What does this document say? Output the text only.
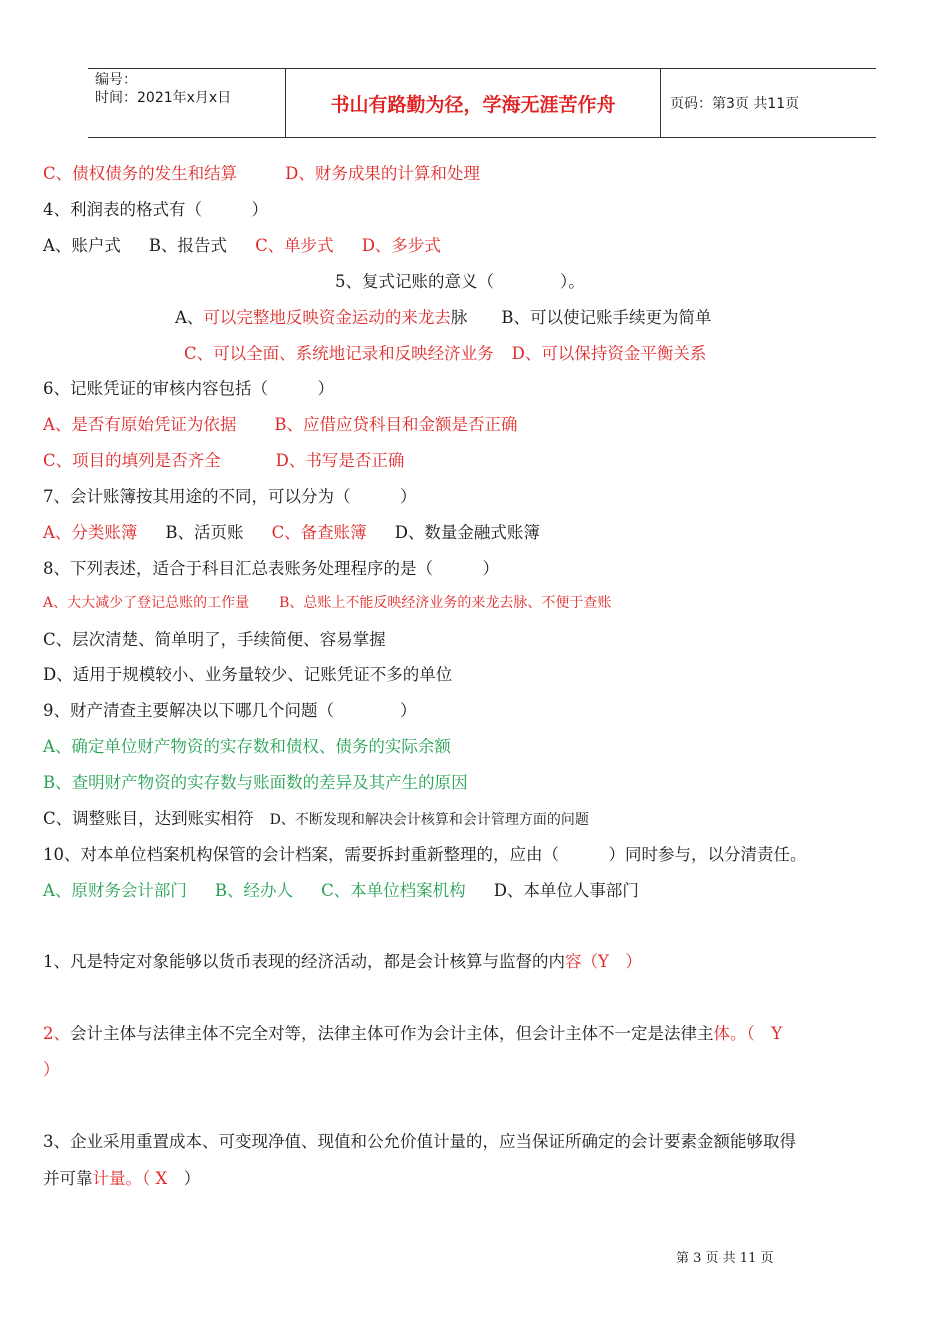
编号：
时间：2021年x月x日	书山有路勤为径，学海无涯苦作舟	页码：第3页 共11页
C、债权债务的发生和结算	D、财务成果的计算和处理
4、利润表的格式有（　　　）
A、账户式 B、报告式 C、单步式 D、多步式
5、复式记账的意义（　　　　）。
A、可以完整地反映资金运动的来龙去脉 B、可以使记账手续更为简单
C、可以全面、系统地记录和反映经济业务 D、可以保持资金平衡关系
6、记账凭证的审核内容包括（　　　）
A、是否有原始凭证为依据 B、应借应贷科目和金额是否正确
C、项目的填列是否齐全	D、书写是否正确
7、会计账簿按其用途的不同，可以分为（　　　）
A、分类账簿 B、活页账 C、备查账簿 D、数量金融式账簿
8、下列表述，适合于科目汇总表账务处理程序的是（　　　）
A、大大减少了登记总账的工作量 B、总账上不能反映经济业务的来龙去脉、不便于查账
C、层次清楚、简单明了，手续简便、容易掌握
D、适用于规模较小、业务量较少、记账凭证不多的单位
9、财产清查主要解决以下哪几个问题（　　　　）
A、确定单位财产物资的实存数和债权、债务的实际余额
B、查明财产物资的实存数与账面数的差异及其产生的原因
C、调整账目，达到账实相符 D、不断发现和解决会计核算和会计管理方面的问题
10、对本单位档案机构保管的会计档案，需要拆封重新整理的，应由（　　　）同时参与，以分清责任。
A、原财务会计部门 B、经办人 C、本单位档案机构 D、本单位人事部门
1、凡是特定对象能够以货币表现的经济活动，都是会计核算与监督的内容（Y　）
2、会计主体与法律主体不完全对等，法律主体可作为会计主体，但会计主体不一定是法律主体。（　Y
）
3、企业采用重置成本、可变现净值、现值和公允价值计量的，应当保证所确定的会计要素金额能够取得
并可靠计量。（ X　）
第 3 页 共 11 页
